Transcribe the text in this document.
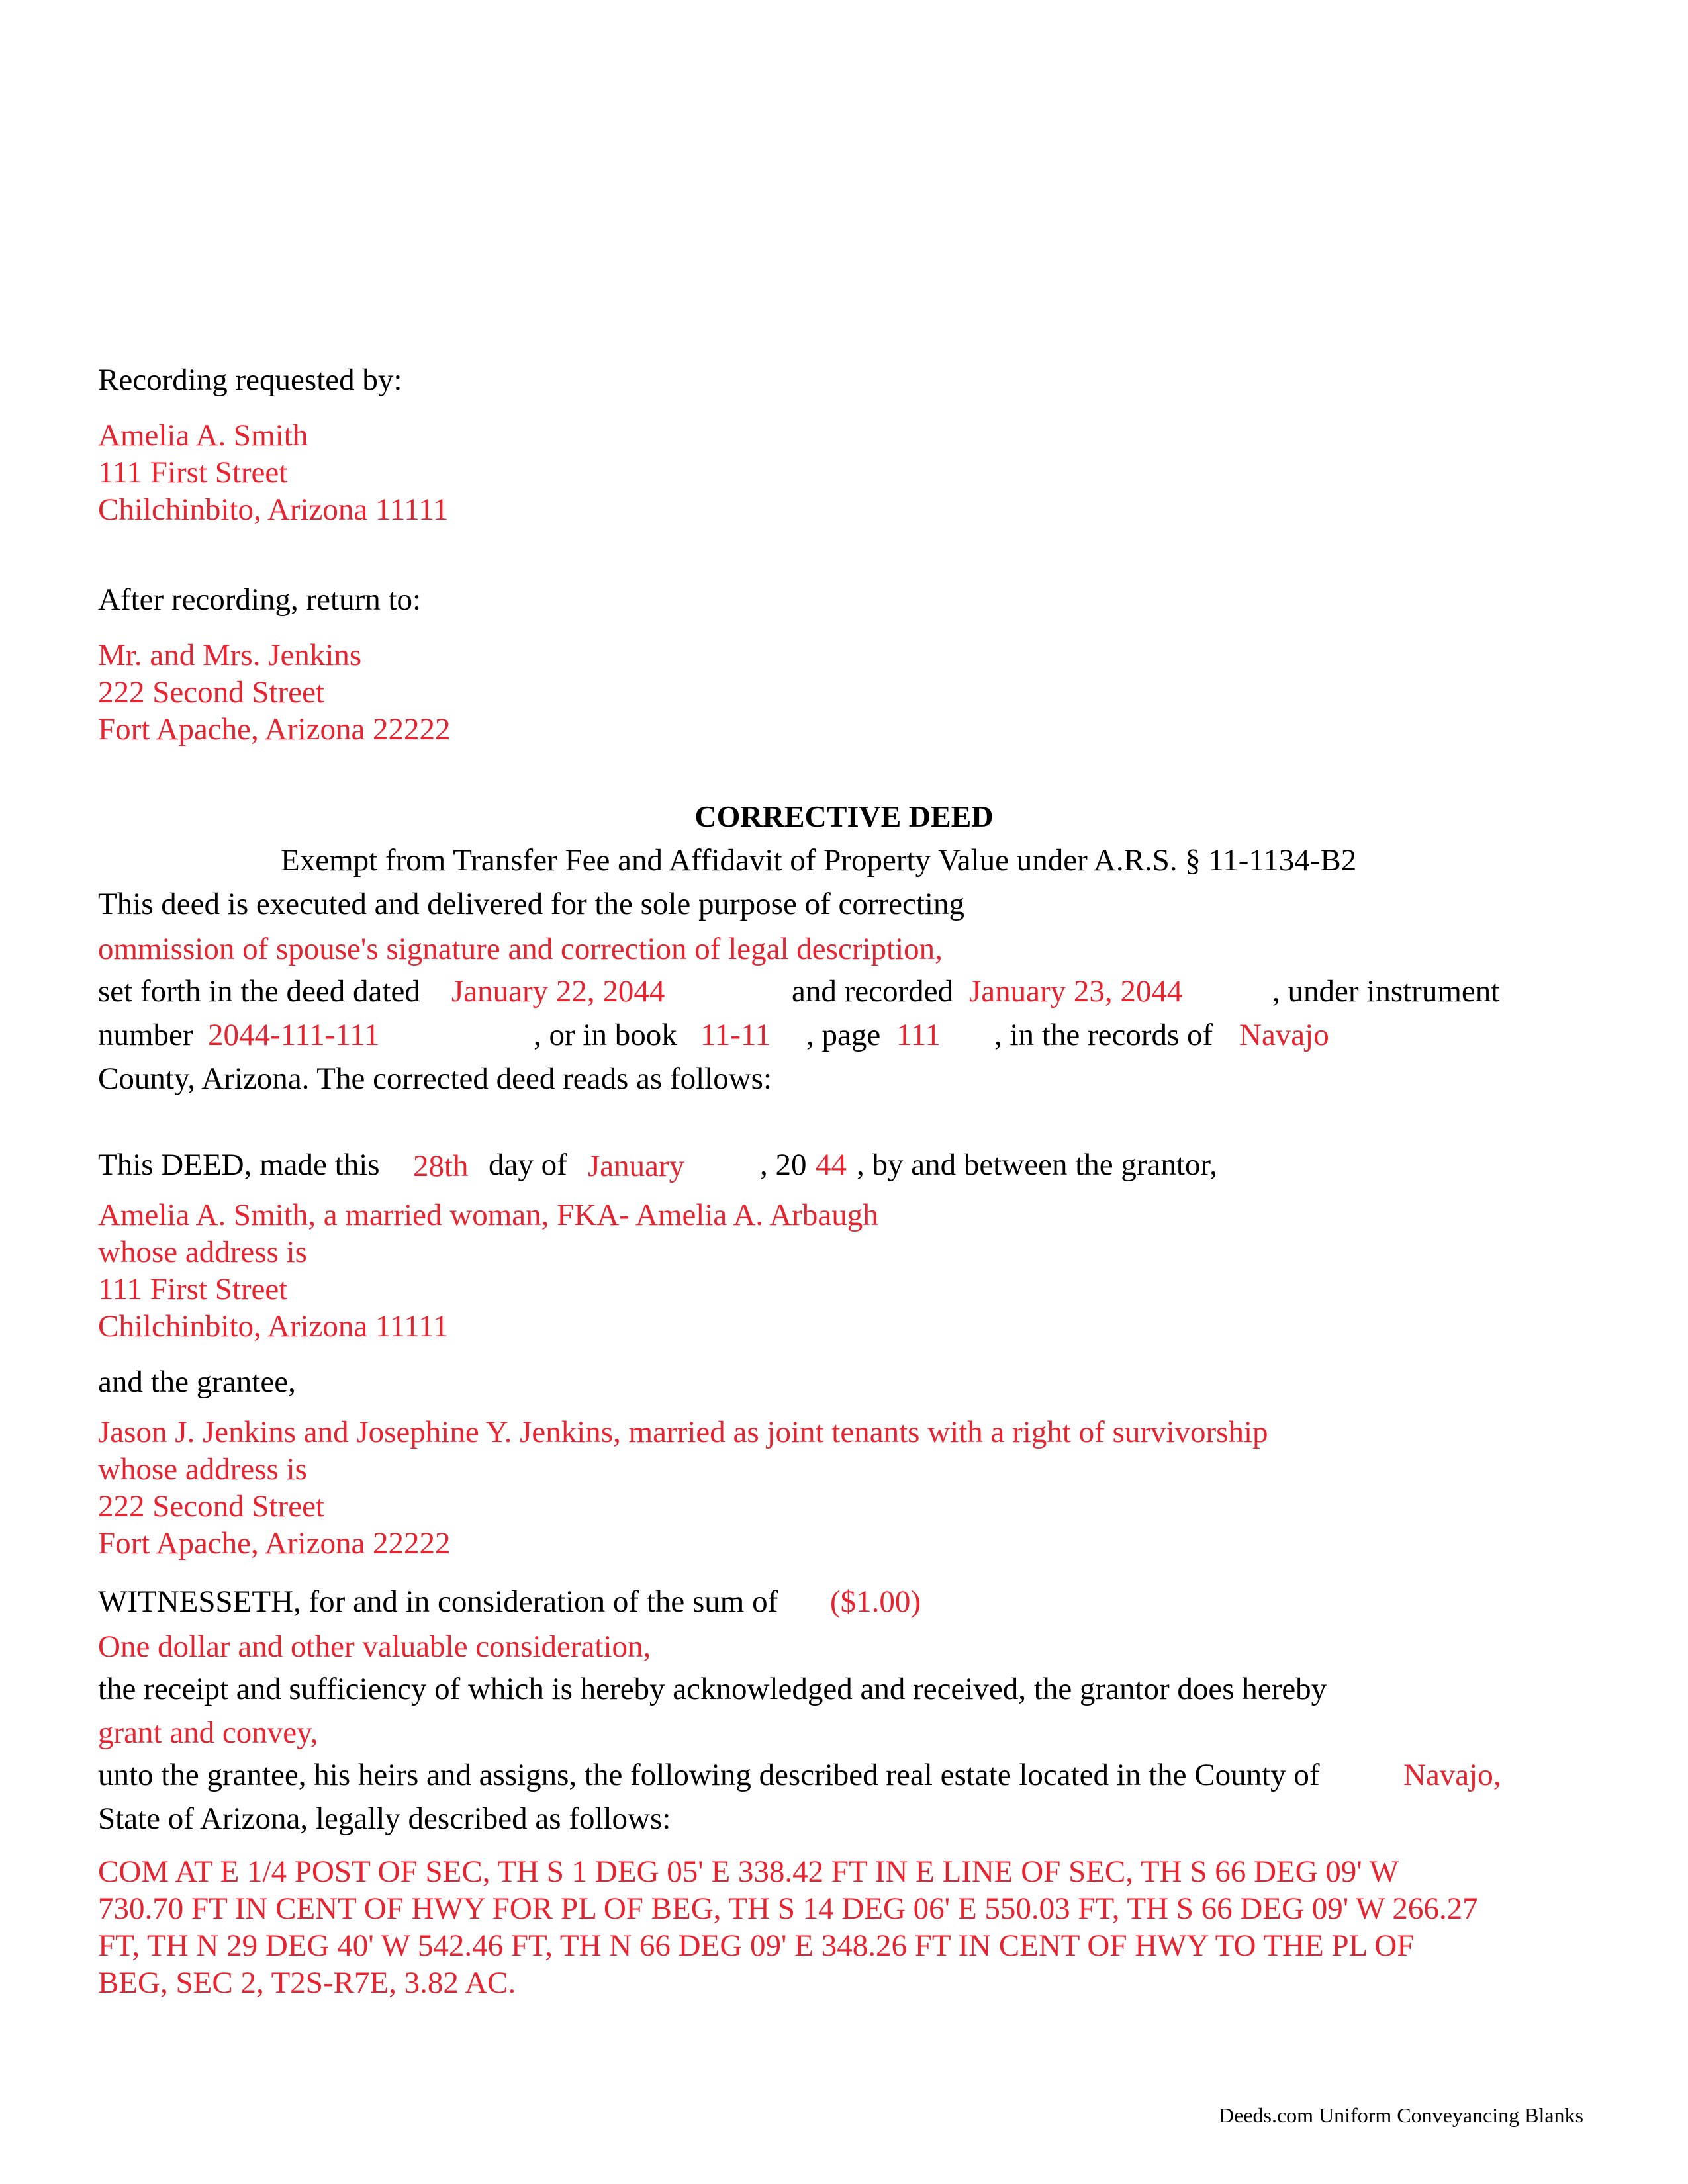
Recording requested by:
Amelia A. Smith
111 First Street
Chilchinbito, Arizona 11111
After recording, return to:
Mr. and Mrs. Jenkins
222 Second Street
Fort Apache, Arizona 22222
CORRECTIVE DEED
Exempt from Transfer Fee and Affidavit of Property Value under A.R.S. § 11-1134-B2
This deed is executed and delivered for the sole purpose of correcting
ommission of spouse's signature and correction of legal description,
set forth in the deed dated January 22, 2044	and recorded January 23, 2044	, under instrument
number 2044-111-111	, or in book 11-11 , page 111 , in the records of Navajo
County, Arizona. The corrected deed reads as follows:
This DEED, made this 28th day of January , 20 44 , by and between the grantor,
Amelia A. Smith, a married woman, FKA- Amelia A. Arbaugh
whose address is
111 First Street
Chilchinbito, Arizona 11111
and the grantee,
Jason J. Jenkins and Josephine Y. Jenkins, married as joint tenants with a right of survivorship
whose address is
222 Second Street
Fort Apache, Arizona 22222
WITNESSETH, for and in consideration of the sum of ($1.00)
One dollar and other valuable consideration,
the receipt and sufficiency of which is hereby acknowledged and received, the grantor does hereby
grant and convey,
unto the grantee, his heirs and assigns, the following described real estate located in the County of	Navajo,
State of Arizona, legally described as follows:
COM AT E 1/4 POST OF SEC, TH S 1 DEG 05' E 338.42 FT IN E LINE OF SEC, TH S 66 DEG 09' W
730.70 FT IN CENT OF HWY FOR PL OF BEG, TH S 14 DEG 06' E 550.03 FT, TH S 66 DEG 09' W 266.27
FT, TH N 29 DEG 40' W 542.46 FT, TH N 66 DEG 09' E 348.26 FT IN CENT OF HWY TO THE PL OF
BEG, SEC 2, T2S-R7E, 3.82 AC.
Deeds.com Uniform Conveyancing Blanks
